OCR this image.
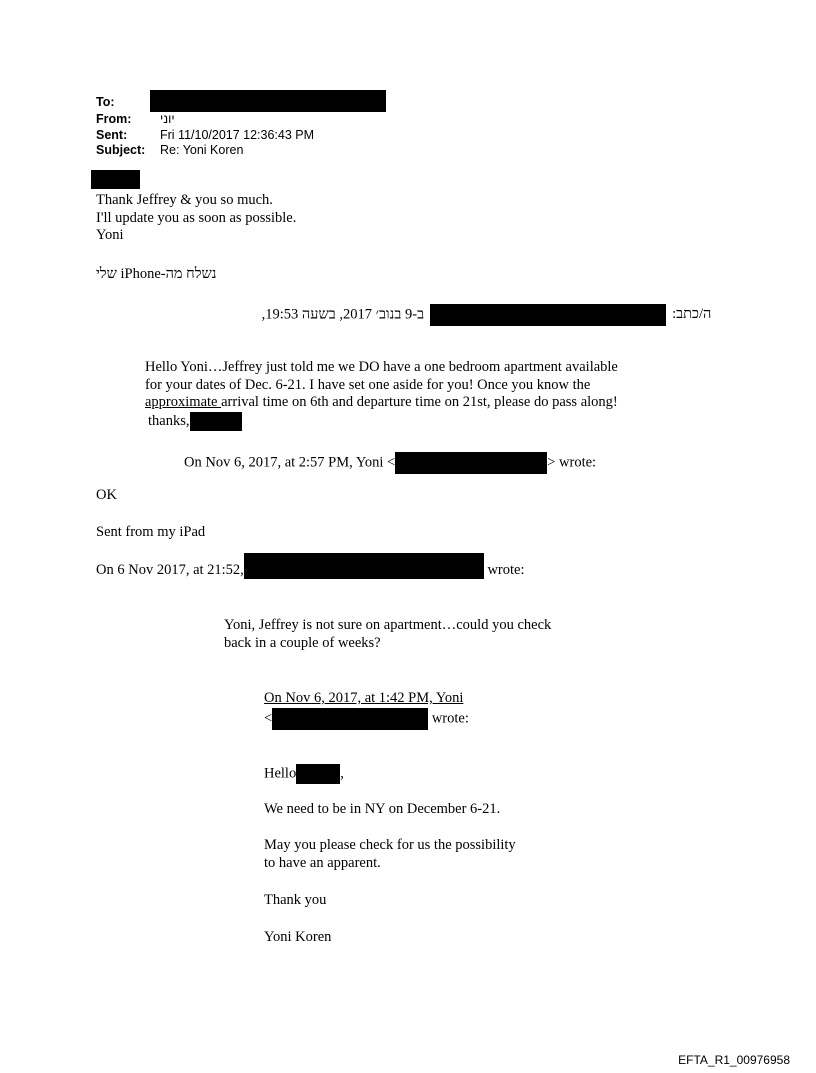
To:
From:	יוני
Sent:	Fri 11/10/2017 12:36:43 PM
Subject:	Re: Yoni Koren
Thank Jeffrey & you so much.
I'll update you as soon as possible.
Yoni
נשלח מה-iPhone שלי
ב-9 בנוב׳ 2017, בשעה 19:53,	ה/כתב:
Hello Yoni…Jeffrey just told me we DO have a one bedroom apartment available
for your dates of Dec. 6-21. I have set one aside for you! Once you know the
approximate arrival time on 6th and departure time on 21st, please do pass along!
thanks,
On Nov 6, 2017, at 2:57 PM, Yoni <	> wrote:
OK
Sent from my iPad
On 6 Nov 2017, at 21:52,	wrote:
Yoni, Jeffrey is not sure on apartment…could you check
back in a couple of weeks?
On Nov 6, 2017, at 1:42 PM, Yoni
<	wrote:
Hello	,
We need to be in NY on December 6-21.
May you please check for us the possibility
to have an apparent.
Thank you
Yoni Koren
EFTA_R1_00976958
